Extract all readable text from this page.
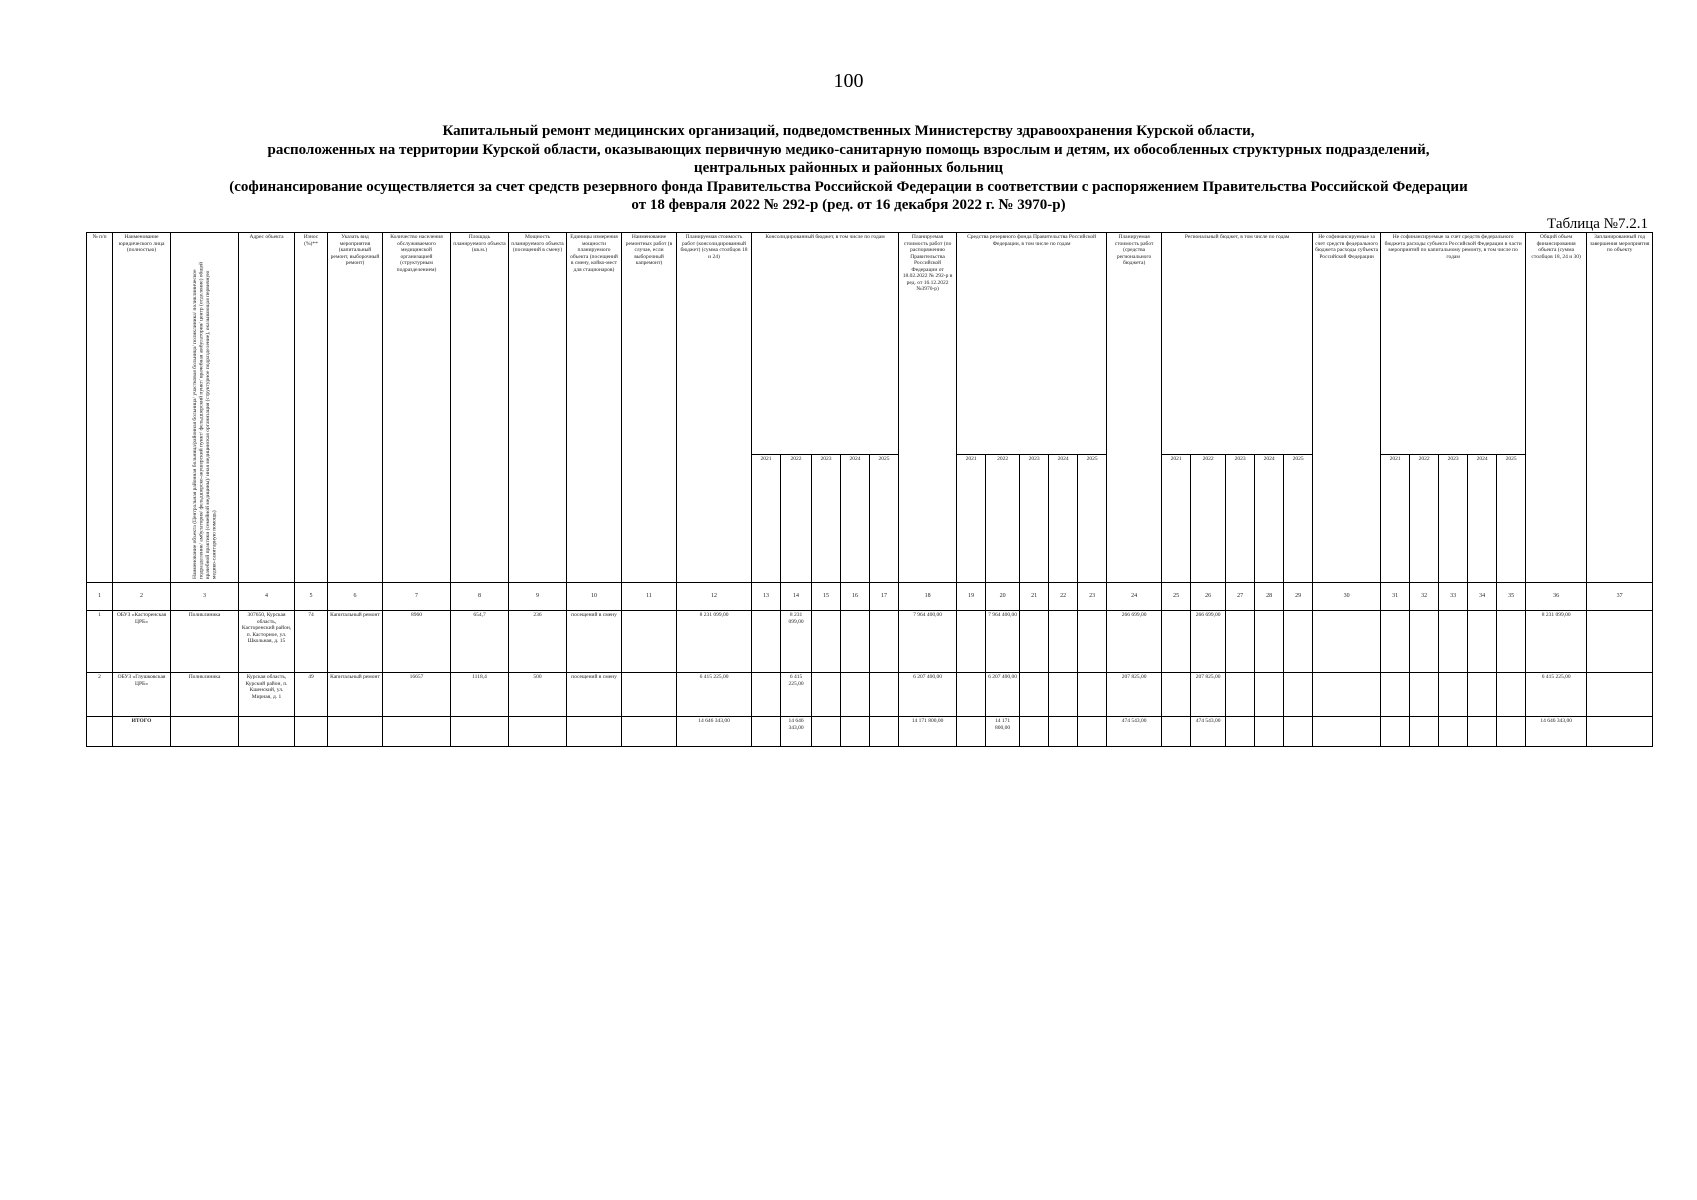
100
Капитальный ремонт медицинских организаций, подведомственных Министерству здравоохранения Курской области,
расположенных на территории Курской области, оказывающих первичную медико-санитарную помощь взрослым и детям, их обособленных структурных подразделений,
центральных районных и районных больниц
(софинансирование осуществляется за счет средств резервного фонда Правительства Российской Федерации в соответствии с распоряжением Правительства Российской Федерации
от 18 февраля 2022 № 292-р (ред. от 16 декабря 2022 г. № 3970-р)
Таблица №7.2.1
№ п/п	Наименование юридического лица (полностью)	Наименование объекта (Центральная районная больница/районная больница/ участковая больница/ поликлиника/ поликлиническое подразделение/ амбулатория/ фельдшерско-акушерский пункт/ фельдшерский пункт/ врачебная амбулатория/ центр (отделение) общей врачебной практики (семейной медицины)/ иная медицинская организация (структурное подразделение), оказывающая первичную медико-санитарную помощь)	Адрес объекта	Износ (%)**	Указать вид мероприятия (капитальный ремонт, выборочный ремонт)	Количество населения обслуживаемого медицинской организацией (структурным подразделением)	Площадь планируемого объекта (кв.м.)	Мощность планируемого объекта (посещений в смену)	Единицы измерения мощности планируемого объекта (посещений в смену, койко-мест для стационаров)	Наименование ремонтных работ (в случае, если выборочный капремонт)	Планируемая стоимость работ (консолидированный бюджет) (сумма столбцов 18 и 24)	Консолидированный бюджет, в том числе по годам					Планируемая стоимость работ (по распоряжению Правительства Российской Федерации от 18.02.2022 № 292-р в ред. от 16.12.2022 №3970-р)	Средства резервного фонда Правительства Российской Федерации, в том числе по годам					Планируемая стоимость работ (средства регионального бюджета)	Региональный бюджет, в том числе по годам					Не софинансируемые за счет средств федерального бюджета расходы субъекта Российской Федерации	Не софинансируемые за счет средств федерального бюджета расходы субъекта Российской Федерации в части мероприятий по капитальному ремонту, в том числе по годам					Общий объем финансирования объекта (сумма столбцов 18, 24 и 30)	Запланированный год завершения мероприятия по объекту
												2021	2022	2023	2024	2025		2021	2022	2023	2024	2025		2021	2022	2023	2024	2025		2021	2022	2023	2024	2025		
1	2	3	4	5	6	7	8	9	10	11	12	13	14	15	16	17	18	19	20	21	22	23	24	25	26	27	28	29	30	31	32	33	34	35	36	37
1	ОБУЗ «Касторенская ЦРБ»	Поликлиника	307650, Курская область, Касторенский район, п. Касторное, ул. Школьная, д. 15	74	Капитальный ремонт	8960	654,7	236	посещений в смену		8 231 099,00		8 231 099,00				7 964 400,00		7 964 400,00				266 699,00		266 699,00										8 231 099,00	
2	ОБУЗ «Глушковская ЦРБ»	Поликлиника	Курская область, Курский район, п. Кшенский, ул. Мирная, д. 1	49	Капитальный ремонт	16657	1118,4	500	посещений в смену		6 415 225,00		6 415 225,00				6 207 400,00		6 207 400,00				207 825,00		207 825,00										6 415 225,00	
	ИТОГО										14 646 343,00		14 646 343,00				14 171 800,00		14 171 800,00				474 543,00		474 543,00										14 646 343,00	
